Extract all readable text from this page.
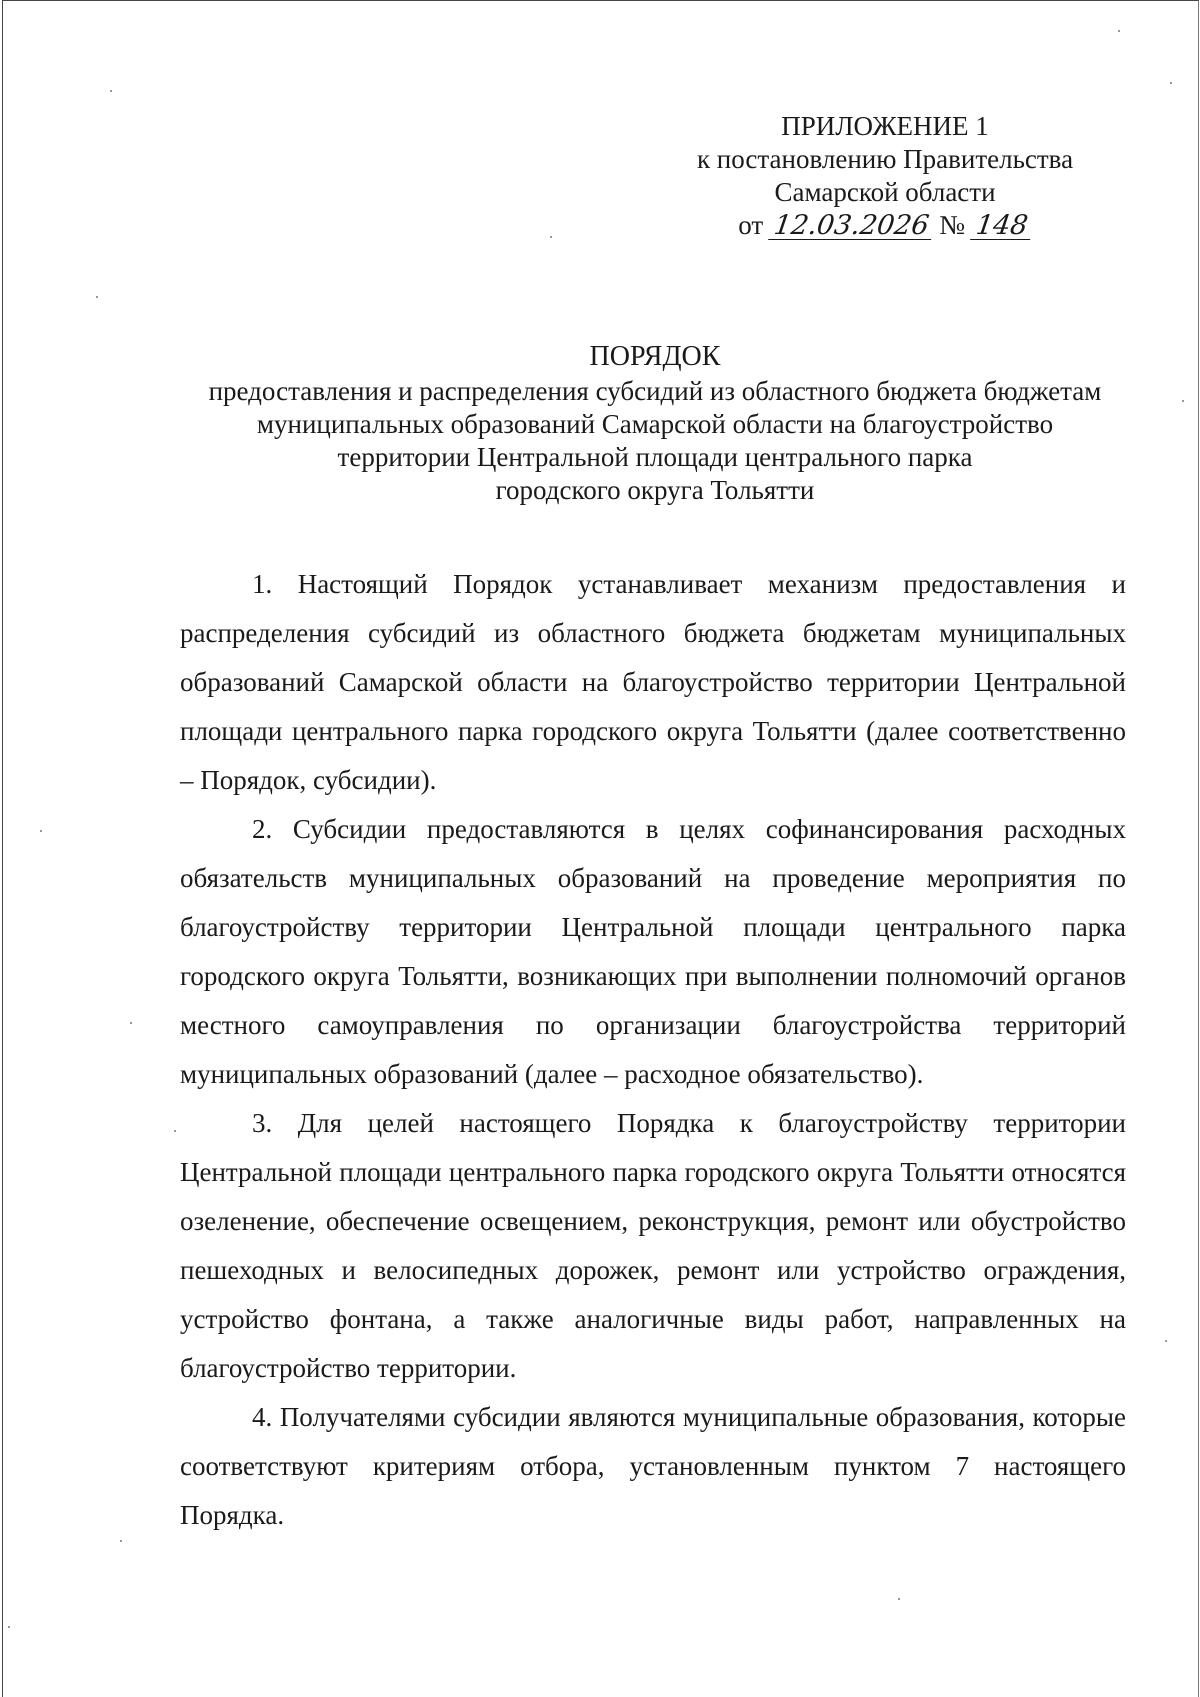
ПРИЛОЖЕНИЕ 1
к постановлению Правительства
Самарской области
от 12.03.2026 № 148
ПОРЯДОК
предоставления и распределения субсидий из областного бюджета бюджетам
муниципальных образований Самарской области на благоустройство
территории Центральной площади центрального парка
городского округа Тольятти

1. Настоящий Порядок устанавливает механизм предоставления и распределения субсидий из областного бюджета бюджетам муниципальных образований Самарской области на благоустройство территории Центральной площади центрального парка городского округа Тольятти (далее соответственно – Порядок, субсидии).

2. Субсидии предоставляются в целях софинансирования расходных обязательств муниципальных образований на проведение мероприятия по благоустройству территории Центральной площади центрального парка городского округа Тольятти, возникающих при выполнении полномочий органов местного самоуправления по организации благоустройства территорий муниципальных образований (далее – расходное обязательство).

3. Для целей настоящего Порядка к благоустройству территории Центральной площади центрального парка городского округа Тольятти относятся озеленение, обеспечение освещением, реконструкция, ремонт или обустройство пешеходных и велосипедных дорожек, ремонт или устройство ограждения, устройство фонтана, а также аналогичные виды работ, направленных на благоустройство территории.

4. Получателями субсидии являются муниципальные образования, которые соответствуют критериям отбора, установленным пунктом 7 настоящего Порядка.
